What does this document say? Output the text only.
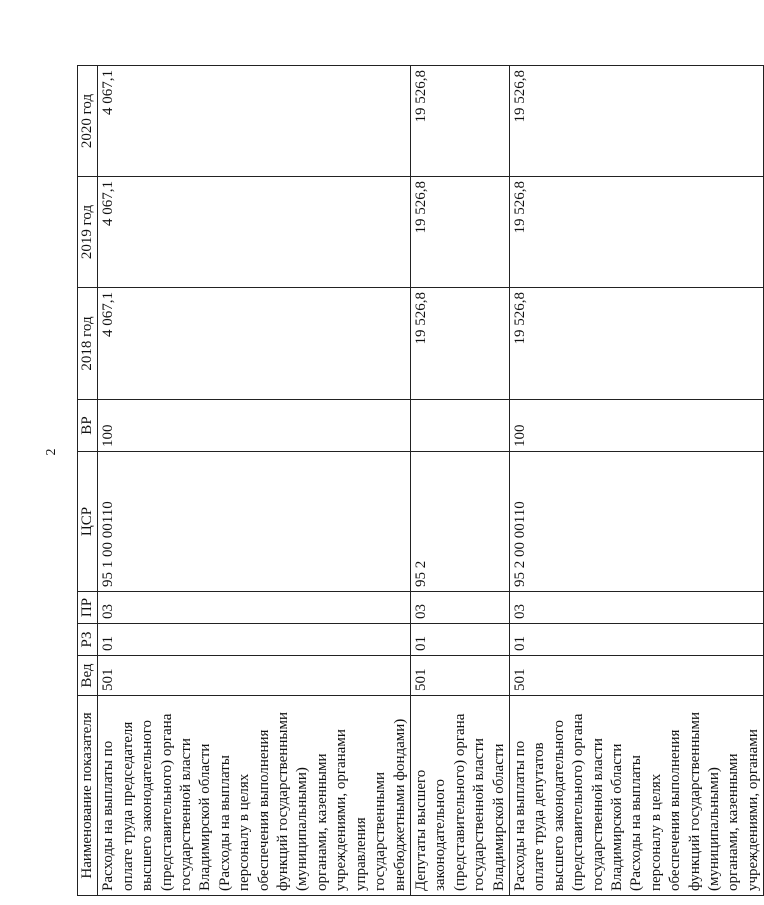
2
Наименование показателя	Вед	РЗ	ПР	ЦСР	ВР	2018 год	2019 год	2020 год
Расходы на выплаты по оплате труда председателя высшего законодательного (представительного) органа государственной власти Владимирской области (Расходы на выплаты персоналу в целях обеспечения выполнения функций государственными (муниципальными) органами, казенными учреждениями, органами управления государственными внебюджетными фондами)	501	01	03	95 1 00 00110	100	4 067,1	4 067,1	4 067,1
Депутаты высшего законодательного (представительного) органа государственной власти Владимирской области	501	01	03	95 2		19 526,8	19 526,8	19 526,8
Расходы на выплаты по оплате труда депутатов высшего законодательного (представительного) органа государственной власти Владимирской области (Расходы на выплаты персоналу в целях обеспечения выполнения функций государственными (муниципальными) органами, казенными учреждениями, органами	501	01	03	95 2 00 00110	100	19 526,8	19 526,8	19 526,8
